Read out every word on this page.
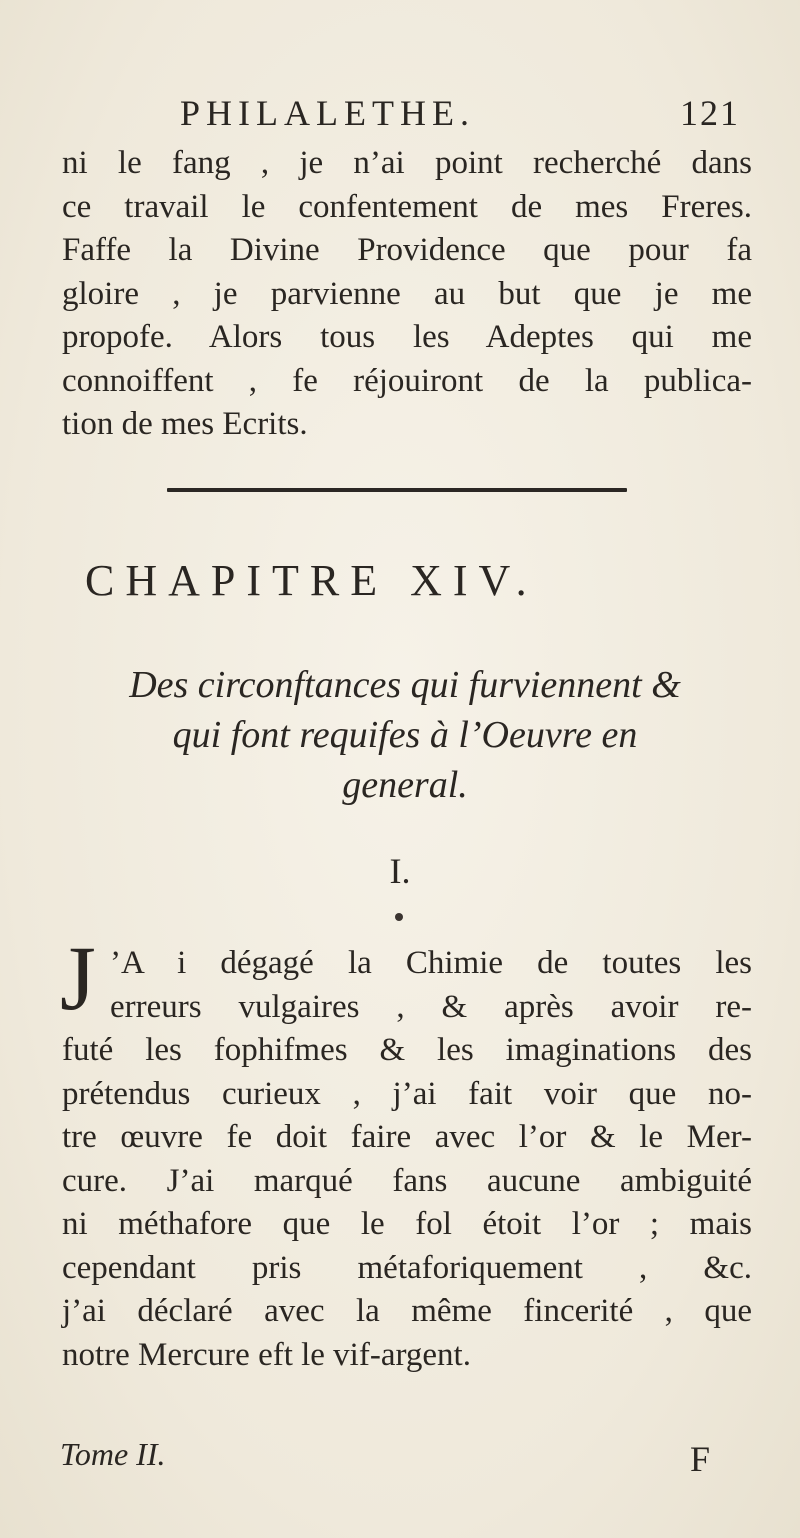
PHILALETHE.	121
ni le fang , je n’ai point recherché dans
ce travail le confentement de mes Freres.
Faffe la Divine Providence que pour fa
gloire , je parvienne au but que je me
propofe. Alors tous les Adeptes qui me
connoiffent , fe réjouiront de la publica-
tion de mes Ecrits.
CHAPITRE XIV.
Des circonftances qui furviennent &
qui font requifes à l’Oeuvre en
general.
I.
J ’A i dégagé la Chimie de toutes les
erreurs vulgaires , & après avoir re-
futé les fophifmes & les imaginations des
prétendus curieux , j’ai fait voir que no-
tre œuvre fe doit faire avec l’or & le Mer-
cure. J’ai marqué fans aucune ambiguité
ni méthafore que le fol étoit l’or ; mais
cependant pris métaforiquement , &c.
j’ai déclaré avec la même fincerité , que
notre Mercure eft le vif-argent.
Tome II.	F
